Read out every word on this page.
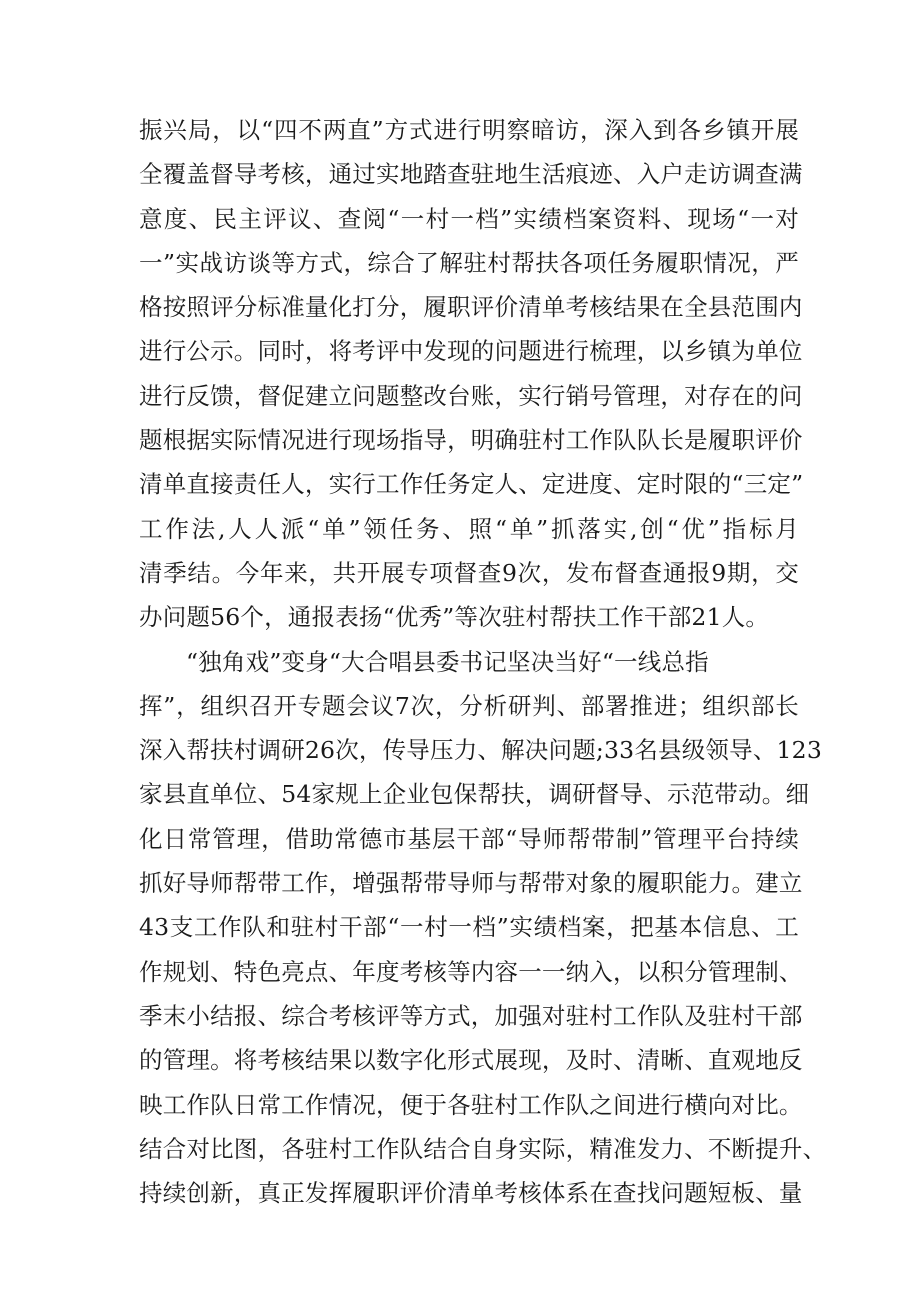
振兴局，以“四不两直”方式进行明察暗访，深入到各乡镇开展
全覆盖督导考核，通过实地踏查驻地生活痕迹、入户走访调查满
意度、民主评议、查阅“一村一档”实绩档案资料、现场“一对
一”实战访谈等方式，综合了解驻村帮扶各项任务履职情况，严
格按照评分标准量化打分，履职评价清单考核结果在全县范围内
进行公示。同时，将考评中发现的问题进行梳理，以乡镇为单位
进行反馈，督促建立问题整改台账，实行销号管理，对存在的问
题根据实际情况进行现场指导，明确驻村工作队队长是履职评价
清单直接责任人，实行工作任务定人、定进度、定时限的“三定”
工作法,人人派“单”领任务、照“单”抓落实,创“优”指标月
清季结。今年来，共开展专项督查9次，发布督查通报9期，交
办问题56个，通报表扬“优秀”等次驻村帮扶工作干部21人。
“独角戏”变身“大合唱县委书记坚决当好“一线总指
挥”，组织召开专题会议7次，分析研判、部署推进；组织部长
深入帮扶村调研26次，传导压力、解决问题;33名县级领导、123
家县直单位、54家规上企业包保帮扶，调研督导、示范带动。细
化日常管理，借助常德市基层干部“导师帮带制”管理平台持续
抓好导师帮带工作，增强帮带导师与帮带对象的履职能力。建立
43支工作队和驻村干部“一村一档”实绩档案，把基本信息、工
作规划、特色亮点、年度考核等内容一一纳入，以积分管理制、
季末小结报、综合考核评等方式，加强对驻村工作队及驻村干部
的管理。将考核结果以数字化形式展现，及时、清晰、直观地反
映工作队日常工作情况，便于各驻村工作队之间进行横向对比。
结合对比图，各驻村工作队结合自身实际，精准发力、不断提升、
持续创新，真正发挥履职评价清单考核体系在查找问题短板、量
